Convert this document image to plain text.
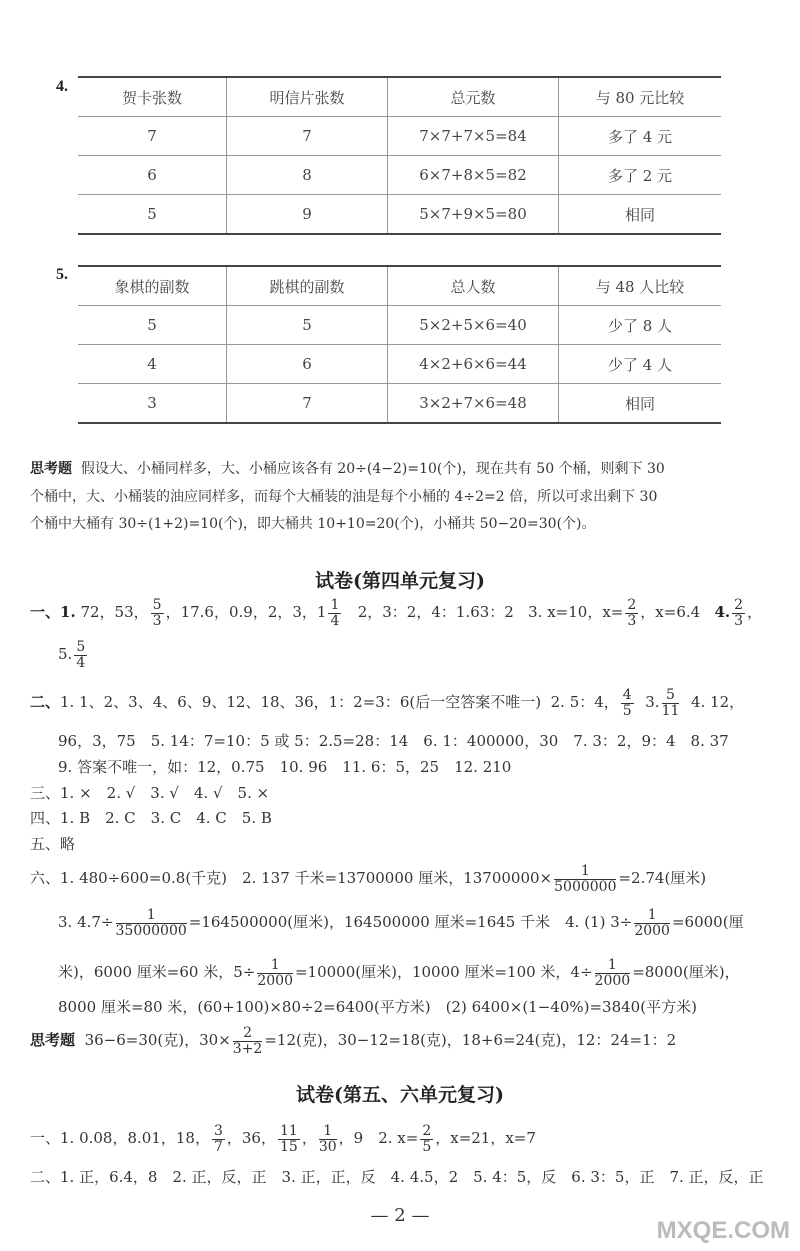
4.
贺卡张数	明信片张数	总元数	与 80 元比较
7	7	7×7+7×5=84	多了 4 元
6	8	6×7+8×5=82	多了 2 元
5	9	5×7+9×5=80	相同
5.
象棋的副数	跳棋的副数	总人数	与 48 人比较
5	5	5×2+5×6=40	少了 8 人
4	6	4×2+6×6=44	少了 4 人
3	7	3×2+7×6=48	相同
思考题 假设大、小桶同样多，大、小桶应该各有 20÷(4−2)=10(个)，现在共有 50 个桶，则剩下 30
个桶中，大、小桶装的油应同样多，而每个大桶装的油是每个小桶的 4÷2=2 倍，所以可求出剩下 30
个桶中大桶有 30÷(1+2)=10(个)，即大桶共 10+10=20(个)，小桶共 50−20=30(个)。
试卷(第四单元复习)
一、1. 72，53， $\frac{5}{3}$ ，17.6，0.9，2，3，$1 \frac{1}{4} 2$，3：2，4：1.63：2 3. x=10，$x= \frac{2}{3}$ ，x=6.4 4. $\frac{2}{3}$ ，
5. $\frac{5}{4}$
二、1. 1、2、3、4、6、9、12、18、36，1：2=3：6(后一空答案不唯一) 2. 5：4， $\frac{4}{5} 3$. $\frac{5}{11} 4$. 12，
96，3，75　5. 14：7=10：5 或 5：2.5=28：14　6. 1：400000，30　7. 3：2，9：4　8. 37
9. 答案不唯一，如：12，0.75　10. 96　11. 6：5，25　12. 210
三、1. ×　2. √　3. √　4. √　5. ×
四、1. B　2. C　3. C　4. C　5. B
五、略
六、1. 480÷600=0.8(千克)　2. 137 千米=13700000 厘米，$13700000\times \frac{1}{5000000} =2.74$(厘米)
3. $4.7\div \frac{1}{35000000} =164500000$(厘米)，164500000 厘米=1645 千米　4. (1) $3\div \frac{1}{2000} =6000$(厘
米)，6000 厘米=60 米，$5\div \frac{1}{2000} =10000$(厘米)，10000 厘米=100 米，$4\div \frac{1}{2000} =8000$(厘米)，
8000 厘米=80 米，(60+100)×80÷2=6400(平方米)　(2) 6400×(1−40%)=3840(平方米)
思考题 36−6=30(克)，$30\times \frac{2}{3+2} =12$(克)，30−12=18(克)，18+6=24(克)，12：24=1：2
试卷(第五、六单元复习)
一、1. 0.08，8.01，18， $\frac{3}{7}$ ，36， $\frac{11}{15}$ ， $\frac{1}{30}$ ，9　2. $x= \frac{2}{5}$ ，x=21，x=7
二、1. 正，6.4，8　2. 正，反，正　3. 正，正，反　4. 4.5，2　5. 4：5，反　6. 3：5，正　7. 正，反，正
— 2 —
MXQE.COM
